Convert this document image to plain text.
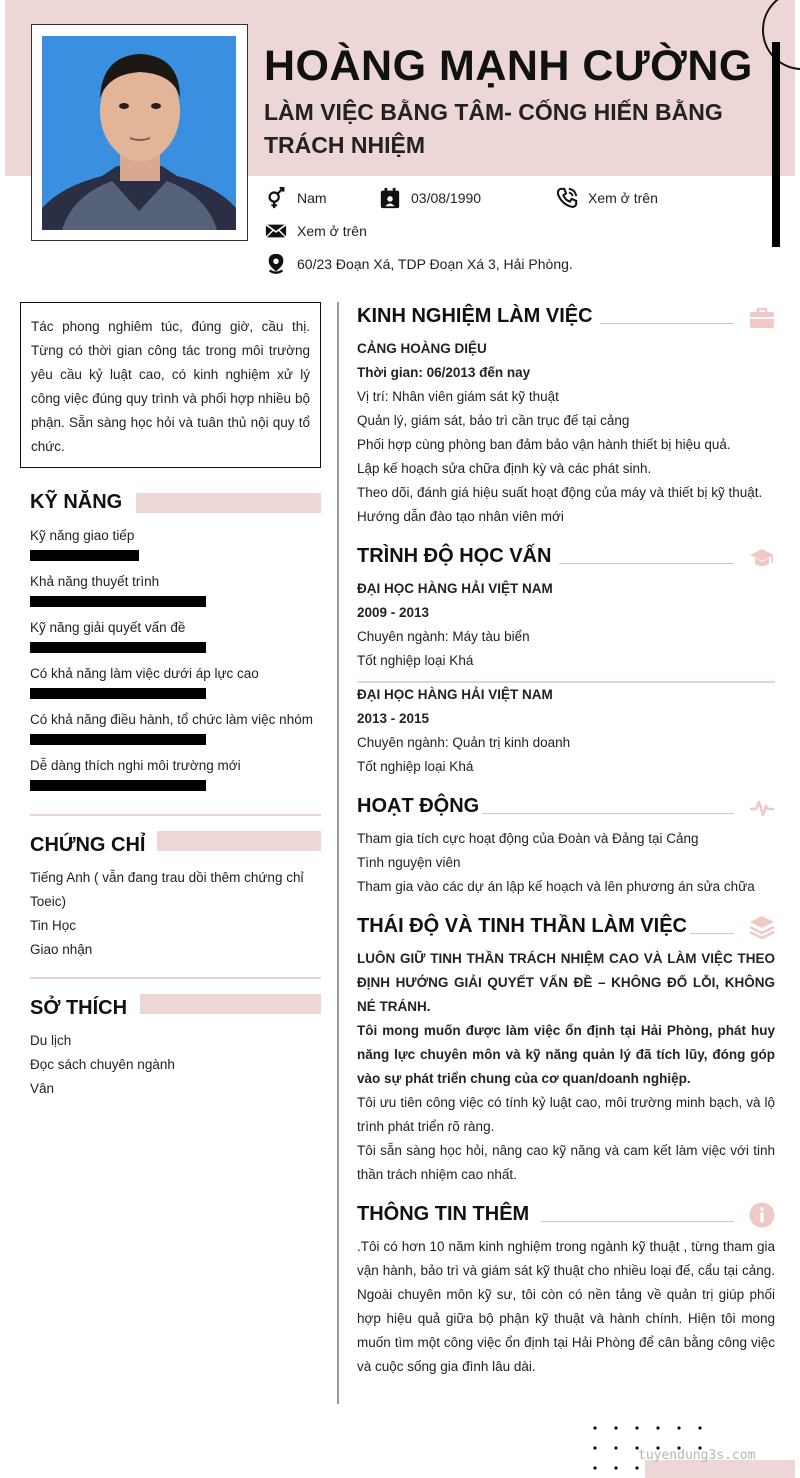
HOÀNG MẠNH CƯỜNG
LÀM VIỆC BẰNG TÂM- CỐNG HIẾN BẰNG TRÁCH NHIỆM
Nam	03/08/1990	Xem ở trên
Xem ở trên
60/23 Đoạn Xá, TDP Đoạn Xá 3, Hải Phòng.
Tác phong nghiêm túc, đúng giờ, cầu thị. Từng có thời gian công tác trong môi trường yêu cầu kỷ luật cao, có kinh nghiệm xử lý công việc đúng quy trình và phối hợp nhiều bộ phận. Sẵn sàng học hỏi và tuân thủ nội quy tổ chức.
KỸ NĂNG
Kỹ năng giao tiếp
Khả năng thuyết trình
Kỹ năng giải quyết vấn đề
Có khả năng làm việc dưới áp lực cao
Có khả năng điều hành, tổ chức làm việc nhóm
Dễ dàng thích nghi môi trường mới
CHỨNG CHỈ
Tiếng Anh ( vẫn đang trau dồi thêm chứng chỉ Toeic)
Tin Học
Giao nhận
SỞ THÍCH
Du lịch
Đọc sách chuyên ngành
Vân
KINH NGHIỆM LÀM VIỆC
CẢNG HOÀNG DIỆU
Thời gian: 06/2013 đến nay
Vị trí: Nhân viên giám sát kỹ thuật
Quản lý, giám sát, bảo trì cần trục đế tại cảng
Phối hợp cùng phòng ban đảm bảo vận hành thiết bị hiệu quả.
Lập kế hoạch sửa chữa định kỳ và các phát sinh.
Theo dõi, đánh giá hiệu suất hoạt động của máy và thiết bị kỹ thuật.
Hướng dẫn đào tạo nhân viên mới
TRÌNH ĐỘ HỌC VẤN
ĐẠI HỌC HÀNG HẢI VIỆT NAM
2009 - 2013
Chuyên ngành: Máy tàu biển
Tốt nghiệp loại Khá
ĐẠI HỌC HÀNG HẢI VIỆT NAM
2013 - 2015
Chuyên ngành: Quản trị kinh doanh
Tốt nghiệp loại Khá
HOẠT ĐỘNG
Tham gia tích cực hoạt động của Đoàn và Đảng tại Cảng
Tình nguyện viên
Tham gia vào các dự án lập kế hoạch và lên phương án sửa chữa
THÁI ĐỘ VÀ TINH THẦN LÀM VIỆC
LUÔN GIỮ TINH THẦN TRÁCH NHIỆM CAO VÀ LÀM VIỆC THEO ĐỊNH HƯỚNG GIẢI QUYẾT VẤN ĐỀ – KHÔNG ĐỔ LỖI, KHÔNG NÉ TRÁNH.
Tôi mong muốn được làm việc ổn định tại Hải Phòng, phát huy năng lực chuyên môn và kỹ năng quản lý đã tích lũy, đóng góp vào sự phát triển chung của cơ quan/doanh nghiệp.
Tôi ưu tiên công việc có tính kỷ luật cao, môi trường minh bạch, và lộ trình phát triển rõ ràng.
Tôi sẵn sàng học hỏi, nâng cao kỹ năng và cam kết làm việc với tinh thần trách nhiệm cao nhất.
THÔNG TIN THÊM
.Tôi có hơn 10 năm kinh nghiệm trong ngành kỹ thuật , từng tham gia vận hành, bảo trì và giám sát kỹ thuật cho nhiều loại đế, cẩu tại cảng. Ngoài chuyên môn kỹ sư, tôi còn có nền tảng về quản trị giúp phối hợp hiệu quả giữa bộ phận kỹ thuật và hành chính. Hiện tôi mong muốn tìm một công việc ổn định tại Hải Phòng để cân bằng công việc và cuộc sống gia đình lâu dài.
tuyendung3s.com
